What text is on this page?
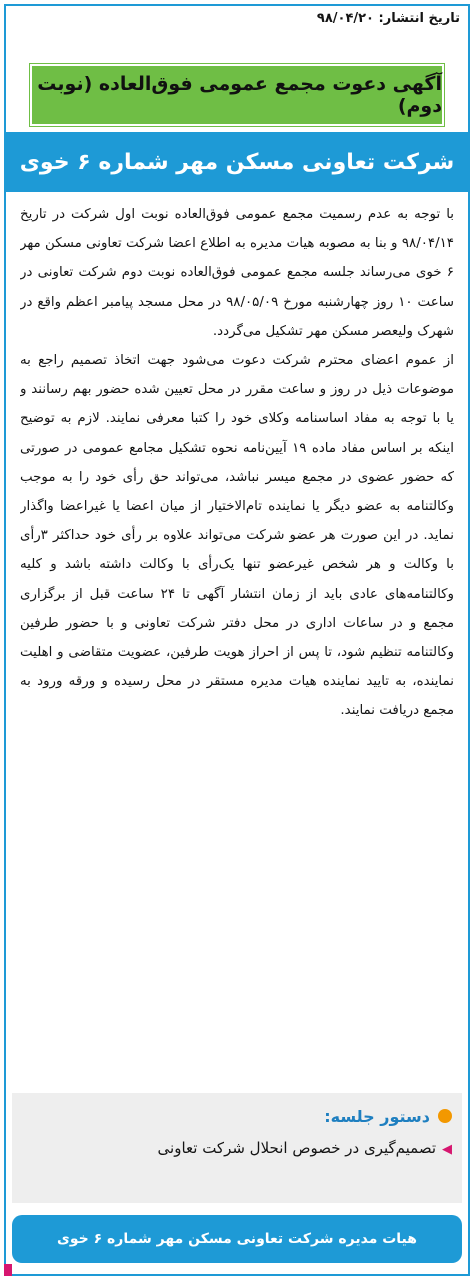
تاریخ انتشار: ۹۸/۰۴/۲۰
آگهی دعوت مجمع عمومی فوق‌العاده (نوبت دوم)
شرکت تعاونی مسکن مهر شماره ۶ خوی

با توجه به عدم رسمیت مجمع عمومی فوق‌العاده نوبت اول شرکت در تاریخ ۹۸/۰۴/۱۴ و بنا به مصوبه هیات مدیره به اطلاع اعضا شرکت تعاونی مسکن مهر ۶ خوی می‌رساند جلسه مجمع عمومی فوق‌العاده نوبت دوم شرکت تعاونی در ساعت ۱۰ روز چهارشنبه مورخ ۹۸/۰۵/۰۹ در محل مسجد پیامبر اعظم واقع در شهرک ولیعصر مسکن مهر تشکیل می‌گردد.

از عموم اعضای محترم شرکت دعوت می‌شود جهت اتخاذ تصمیم راجع به موضوعات ذیل در روز و ساعت مقرر در محل تعیین شده حضور بهم رسانند و یا با توجه به مفاد اساسنامه وکلای خود را کتبا معرفی نمایند. لازم به توضیح اینکه بر اساس مفاد ماده ۱۹ آیین‌نامه نحوه تشکیل مجامع عمومی در صورتی که حضور عضوی در مجمع میسر نباشد، می‌تواند حق رأی خود را به موجب وکالتنامه به عضو دیگر یا نماینده تام‌الاختیار از میان اعضا یا غیراعضا واگذار نماید. در این صورت هر عضو شرکت می‌تواند علاوه بر رأی خود حداکثر ۳رأی با وکالت و هر شخص غیرعضو تنها یک‌رأی با وکالت داشته باشد و کلیه وکالتنامه‌های عادی باید از زمان انتشار آگهی تا ۲۴ ساعت قبل از برگزاری مجمع و در ساعات اداری در محل دفتر شرکت تعاونی و با حضور طرفین وکالتنامه تنظیم شود، تا پس از احراز هویت طرفین، عضویت متقاضی و اهلیت نماینده، به تایید نماینده هیات مدیره مستقر در محل رسیده و ورقه ورود به مجمع دریافت نمایند.

دستور جلسه:
◀تصمیم‌گیری در خصوص انحلال شرکت تعاونی
هیات مدیره شرکت تعاونی مسکن مهر شماره ۶ خوی
